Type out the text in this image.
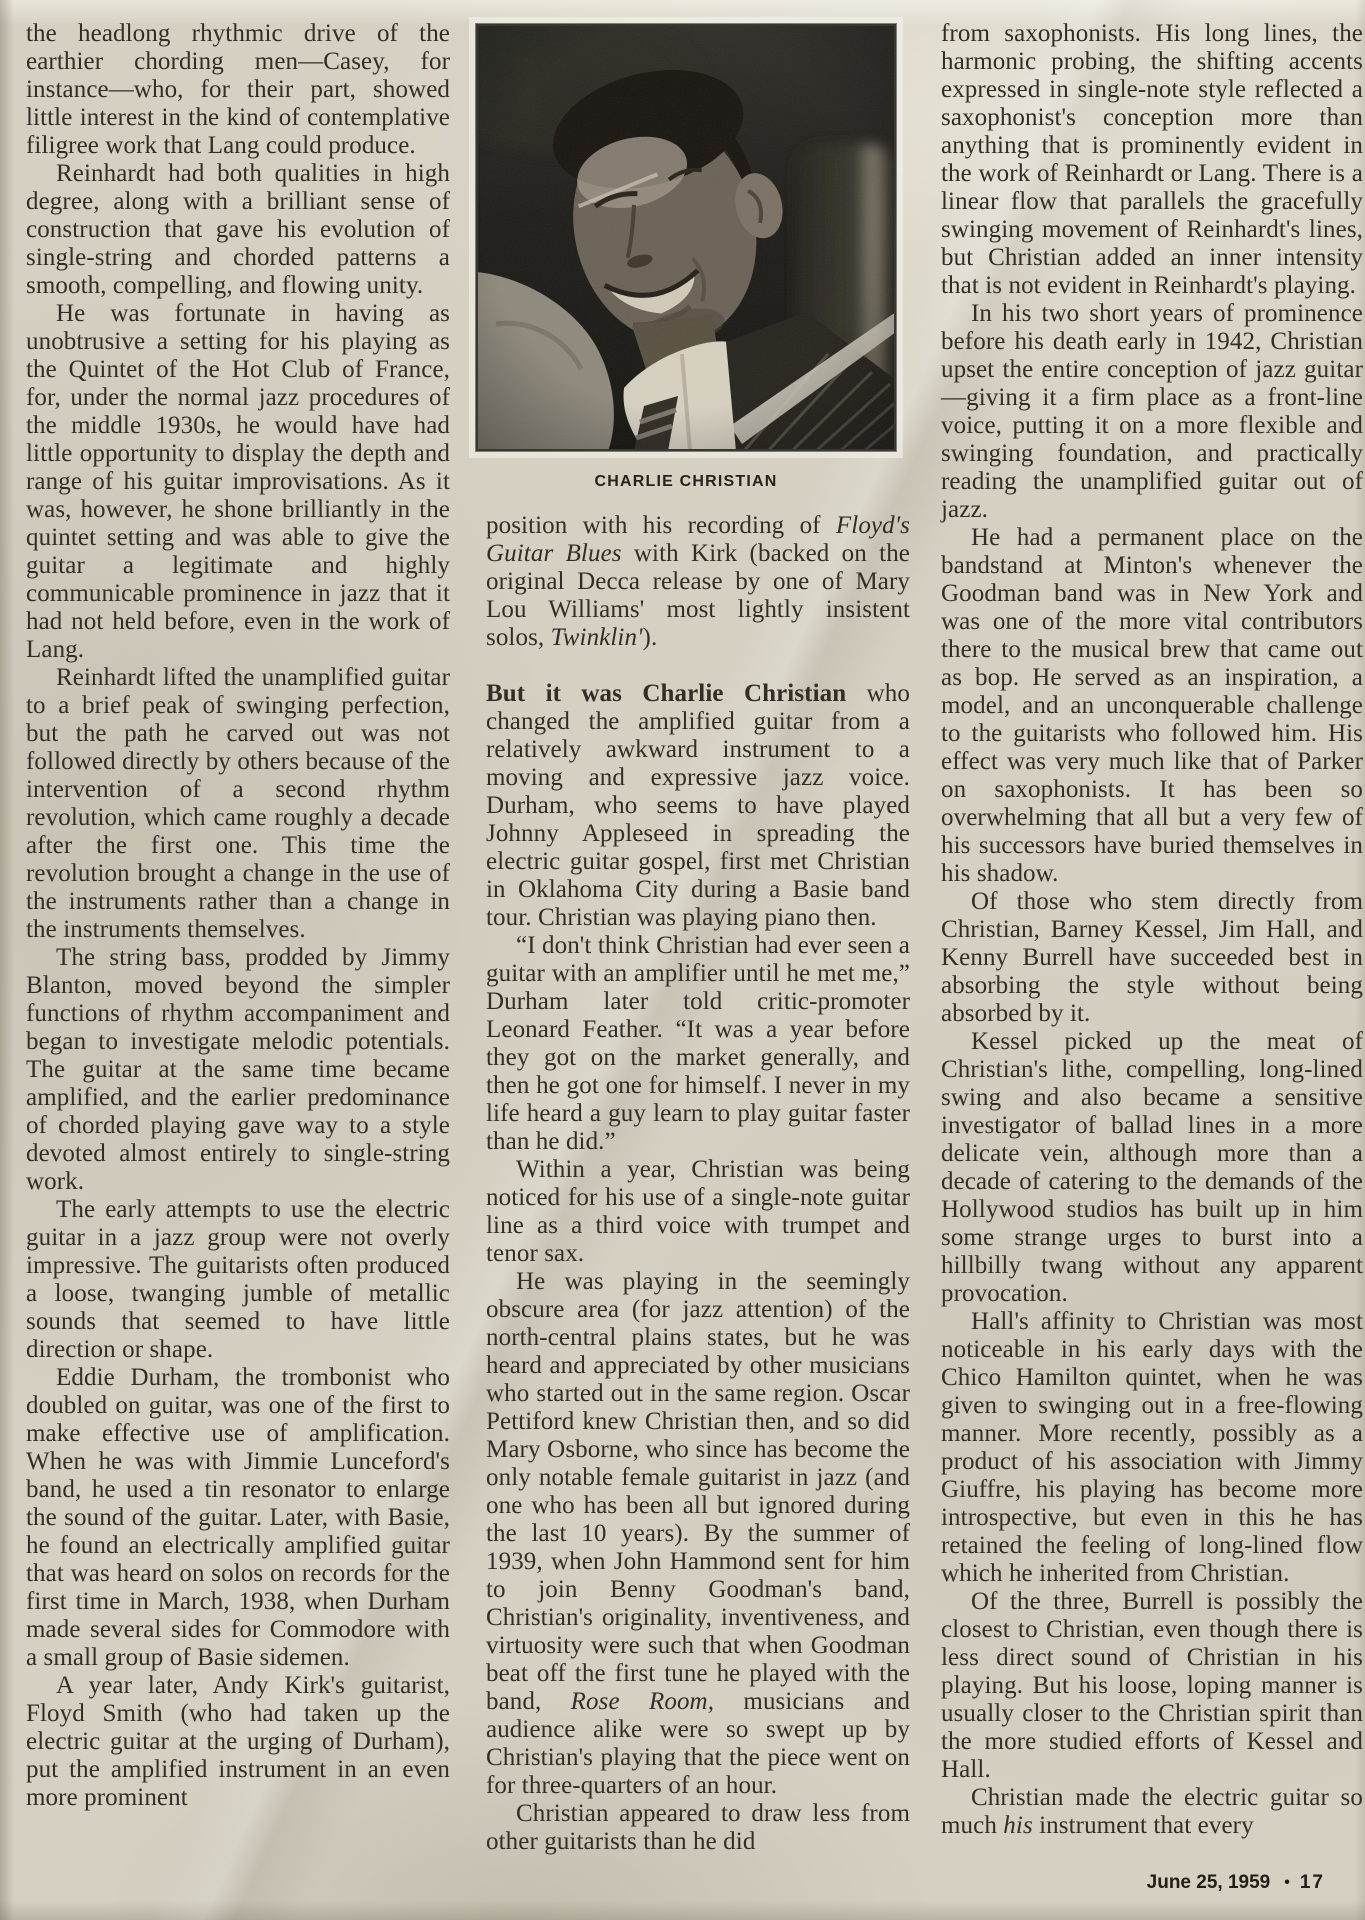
the headlong rhythmic drive of the earthier chording men—Casey, for instance—who, for their part, showed little interest in the kind of contemplative filigree work that Lang could produce.

Reinhardt had both qualities in high degree, along with a brilliant sense of construction that gave his evolution of single-string and chorded patterns a smooth, compelling, and flowing unity.

He was fortunate in having as unobtrusive a setting for his playing as the Quintet of the Hot Club of France, for, under the normal jazz procedures of the middle 1930s, he would have had little opportunity to display the depth and range of his guitar improvisations. As it was, however, he shone brilliantly in the quintet setting and was able to give the guitar a legitimate and highly communicable prominence in jazz that it had not held before, even in the work of Lang.

Reinhardt lifted the unamplified guitar to a brief peak of swinging perfection, but the path he carved out was not followed directly by others because of the intervention of a second rhythm revolution, which came roughly a decade after the first one. This time the revolution brought a change in the use of the instruments rather than a change in the instruments themselves.

The string bass, prodded by Jimmy Blanton, moved beyond the simpler functions of rhythm accompaniment and began to investigate melodic potentials. The guitar at the same time became amplified, and the earlier predominance of chorded playing gave way to a style devoted almost entirely to single-string work.

The early attempts to use the electric guitar in a jazz group were not overly impressive. The guitarists often produced a loose, twanging jumble of metallic sounds that seemed to have little direction or shape.

Eddie Durham, the trombonist who doubled on guitar, was one of the first to make effective use of amplification. When he was with Jimmie Lunceford's band, he used a tin resonator to enlarge the sound of the guitar. Later, with Basie, he found an electrically amplified guitar that was heard on solos on records for the first time in March, 1938, when Durham made several sides for Commodore with a small group of Basie sidemen.

A year later, Andy Kirk's guitarist, Floyd Smith (who had taken up the electric guitar at the urging of Durham), put the amplified instrument in an even more prominent

CHARLIE CHRISTIAN

position with his recording of Floyd's Guitar Blues with Kirk (backed on the original Decca release by one of Mary Lou Williams' most lightly insistent solos, Twinklin').

But it was Charlie Christian who changed the amplified guitar from a relatively awkward instrument to a moving and expressive jazz voice. Durham, who seems to have played Johnny Appleseed in spreading the electric guitar gospel, first met Christian in Oklahoma City during a Basie band tour. Christian was playing piano then.

“I don't think Christian had ever seen a guitar with an amplifier until he met me,” Durham later told critic-promoter Leonard Feather. “It was a year before they got on the market generally, and then he got one for himself. I never in my life heard a guy learn to play guitar faster than he did.”

Within a year, Christian was being noticed for his use of a single-note guitar line as a third voice with trumpet and tenor sax.

He was playing in the seemingly obscure area (for jazz attention) of the north-central plains states, but he was heard and appreciated by other musicians who started out in the same region. Oscar Pettiford knew Christian then, and so did Mary Osborne, who since has become the only notable female guitarist in jazz (and one who has been all but ignored during the last 10 years). By the summer of 1939, when John Hammond sent for him to join Benny Goodman's band, Christian's originality, inventiveness, and virtuosity were such that when Goodman beat off the first tune he played with the band, Rose Room, musicians and audience alike were so swept up by Christian's playing that the piece went on for three-quarters of an hour.

Christian appeared to draw less from other guitarists than he did

from saxophonists. His long lines, the harmonic probing, the shifting accents expressed in single-note style reflected a saxophonist's conception more than anything that is prominently evident in the work of Reinhardt or Lang. There is a linear flow that parallels the gracefully swinging movement of Reinhardt's lines, but Christian added an inner intensity that is not evident in Reinhardt's playing.

In his two short years of prominence before his death early in 1942, Christian upset the entire conception of jazz guitar—giving it a firm place as a front-line voice, putting it on a more flexible and swinging foundation, and practically reading the unamplified guitar out of jazz.

He had a permanent place on the bandstand at Minton's whenever the Goodman band was in New York and was one of the more vital contributors there to the musical brew that came out as bop. He served as an inspiration, a model, and an unconquerable challenge to the guitarists who followed him. His effect was very much like that of Parker on saxophonists. It has been so overwhelming that all but a very few of his successors have buried themselves in his shadow.

Of those who stem directly from Christian, Barney Kessel, Jim Hall, and Kenny Burrell have succeeded best in absorbing the style without being absorbed by it.

Kessel picked up the meat of Christian's lithe, compelling, long-lined swing and also became a sensitive investigator of ballad lines in a more delicate vein, although more than a decade of catering to the demands of the Hollywood studios has built up in him some strange urges to burst into a hillbilly twang without any apparent provocation.

Hall's affinity to Christian was most noticeable in his early days with the Chico Hamilton quintet, when he was given to swinging out in a free-flowing manner. More recently, possibly as a product of his association with Jimmy Giuffre, his playing has become more introspective, but even in this he has retained the feeling of long-lined flow which he inherited from Christian.

Of the three, Burrell is possibly the closest to Christian, even though there is less direct sound of Christian in his playing. But his loose, loping manner is usually closer to the Christian spirit than the more studied efforts of Kessel and Hall.

Christian made the electric guitar so much his instrument that every

June 25, 1959 • 17
